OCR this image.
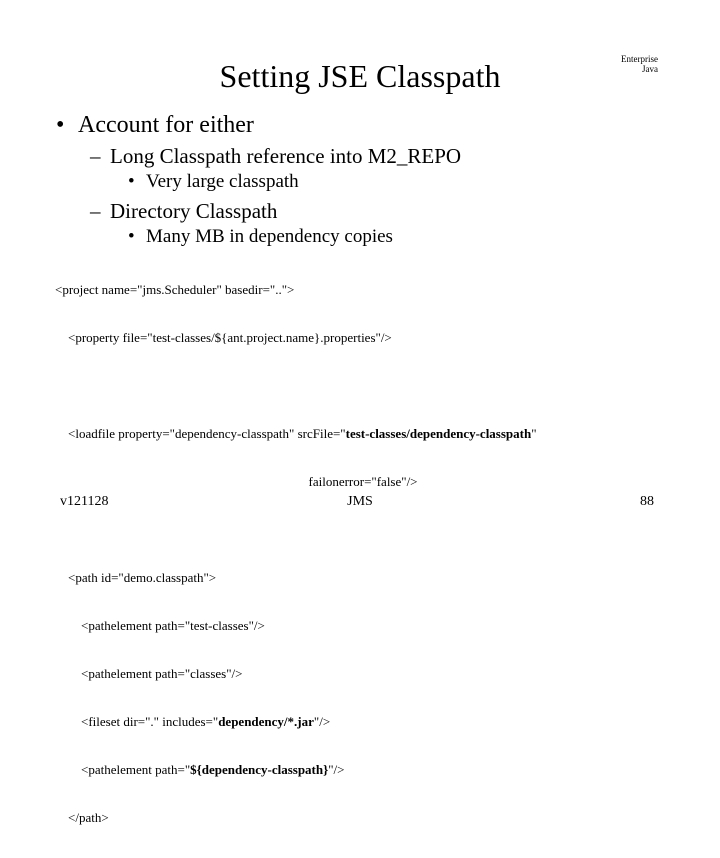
Setting JSE Classpath	Enterprise
Java
• Account for either
– Long Classpath reference into M2_REPO
• Very large classpath
– Directory Classpath
• Many MB in dependency copies

<project name="jms.Scheduler" basedir="..">

<property file="test-classes/${ant.project.name}.properties"/>

<loadfile property="dependency-classpath" srcFile="test-classes/dependency-classpath"

failonerror="false"/>

<path id="demo.classpath">

<pathelement path="test-classes"/>

<pathelement path="classes"/>

<fileset dir="." includes="dependency/*.jar"/>

<pathelement path="${dependency-classpath}"/>

</path>

v121128	JMS	88
